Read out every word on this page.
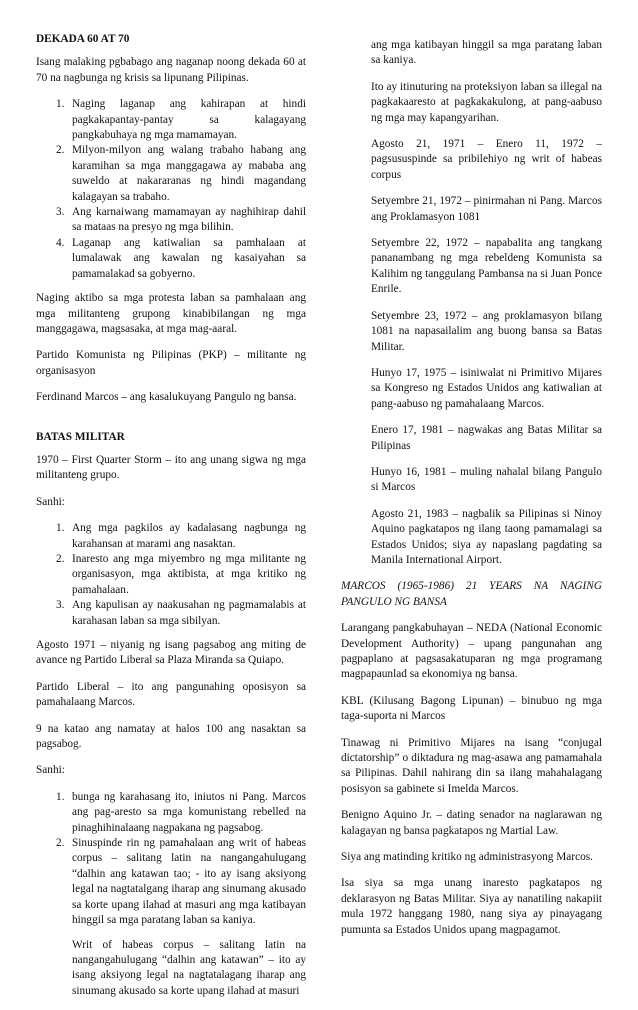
DEKADA 60 AT 70

Isang malaking pgbabago ang naganap noong dekada 60 at 70 na nagbunga ng krisis sa lipunang Pilipinas.

1. Naging laganap ang kahirapan at hindi pagkakapantay-pantay sa kalagayang pangkabuhaya ng mga mamamayan.
2. Milyon-milyon ang walang trabaho habang ang karamihan sa mga manggagawa ay mababa ang suweldo at nakararanas ng hindi magandang kalagayan sa trabaho.
3. Ang karnaiwang mamamayan ay naghihirap dahil sa mataas na presyo ng mga bilihin.
4. Laganap ang katiwalian sa pamhalaan at lumalawak ang kawalan ng kasaiyahan sa pamamalakad sa gobyerno.

Naging aktibo sa mga protesta laban sa pamhalaan ang mga militanteng grupong kinabibilangan ng mga manggagawa, magsasaka, at mga mag-aaral.

Partido Komunista ng Pilipinas (PKP) – militante ng organisasyon

Ferdinand Marcos – ang kasalukuyang Pangulo ng bansa.

BATAS MILITAR

1970 – First Quarter Storm – ito ang unang sigwa ng mga militanteng grupo.

Sanhi:

1. Ang mga pagkilos ay kadalasang nagbunga ng karahansan at marami ang nasaktan.
2. Inaresto ang mga miyembro ng mga militante ng organisasyon, mga aktibista, at mga kritiko ng pamahalaan.
3. Ang kapulisan ay naakusahan ng pagmamalabis at karahasan laban sa mga sibilyan.

Agosto 1971 – niyanig ng isang pagsabog ang miting de avance ng Partido Liberal sa Plaza Miranda sa Quiapo.

Partido Liberal – ito ang pangunahing oposisyon sa pamahalaang Marcos.

9 na katao ang namatay at halos 100 ang nasaktan sa pagsabog.

Sanhi:

1. bunga ng karahasang ito, iniutos ni Pang. Marcos ang pag-aresto sa mga komunistang rebelled na pinaghihinalaang nagpakana ng pagsabog.
2. Sinuspinde rin ng pamahalaan ang writ of habeas corpus – salitang latin na nangangahulugang “dalhin ang katawan tao; - ito ay isang aksiyong legal na nagtatalgang iharap ang sinumang akusado sa korte upang ilahad at masuri ang mga katibayan hinggil sa mga paratang laban sa kaniya.

Writ of habeas corpus – salitang latin na nangangahulugang “dalhin ang katawan” – ito ay isang aksiyong legal na nagtatalagang iharap ang sinumang akusado sa korte upang ilahad at masuri

ang mga katibayan hinggil sa mga paratang laban sa kaniya.

Ito ay itinuturing na proteksiyon laban sa illegal na pagkakaaresto at pagkakakulong, at pang-aabuso ng mga may kapangyarihan.

Agosto 21, 1971 – Enero 11, 1972 – pagsususpinde sa pribilehiyo ng writ of habeas corpus

Setyembre 21, 1972 – pinirmahan ni Pang. Marcos ang Proklamasyon 1081

Setyembre 22, 1972 – napabalita ang tangkang pananambang ng mga rebeldeng Komunista sa Kalihim ng tanggulang Pambansa na si Juan Ponce Enrile.

Setyembre 23, 1972 – ang proklamasyon bilang 1081 na napasailalim ang buong bansa sa Batas Militar.

Hunyo 17, 1975 – isiniwalat ni Primitivo Mijares sa Kongreso ng Estados Unidos ang katiwalian at pang-aabuso ng pamahalaang Marcos.

Enero 17, 1981 – nagwakas ang Batas Militar sa Pilipinas

Hunyo 16, 1981 – muling nahalal bilang Pangulo si Marcos

Agosto 21, 1983 – nagbalik sa Pilipinas si Ninoy Aquino pagkatapos ng ilang taong pamamalagi sa Estados Unidos; siya ay napaslang pagdating sa Manila International Airport.

MARCOS (1965-1986) 21 YEARS NA NAGING PANGULO NG BANSA

Larangang pangkabuhayan – NEDA (National Economic Development Authority) – upang pangunahan ang pagpaplano at pagsasakatuparan ng mga programang magpapaunlad sa ekonomiya ng bansa.

KBL (Kilusang Bagong Lipunan) – binubuo ng mga taga-suporta ni Marcos

Tinawag ni Primitivo Mijares na isang “conjugal dictatorship” o diktadura ng mag-asawa ang pamamahala sa Pilipinas. Dahil nahirang din sa ilang mahahalagang posisyon sa gabinete si Imelda Marcos.

Benigno Aquino Jr. – dating senador na naglarawan ng kalagayan ng bansa pagkatapos ng Martial Law.

Siya ang matinding kritiko ng administrasyong Marcos.

Isa siya sa mga unang inaresto pagkatapos ng deklarasyon ng Batas Militar. Siya ay nanatiling nakapiit mula 1972 hanggang 1980, nang siya ay pinayagang pumunta sa Estados Unidos upang magpagamot.
